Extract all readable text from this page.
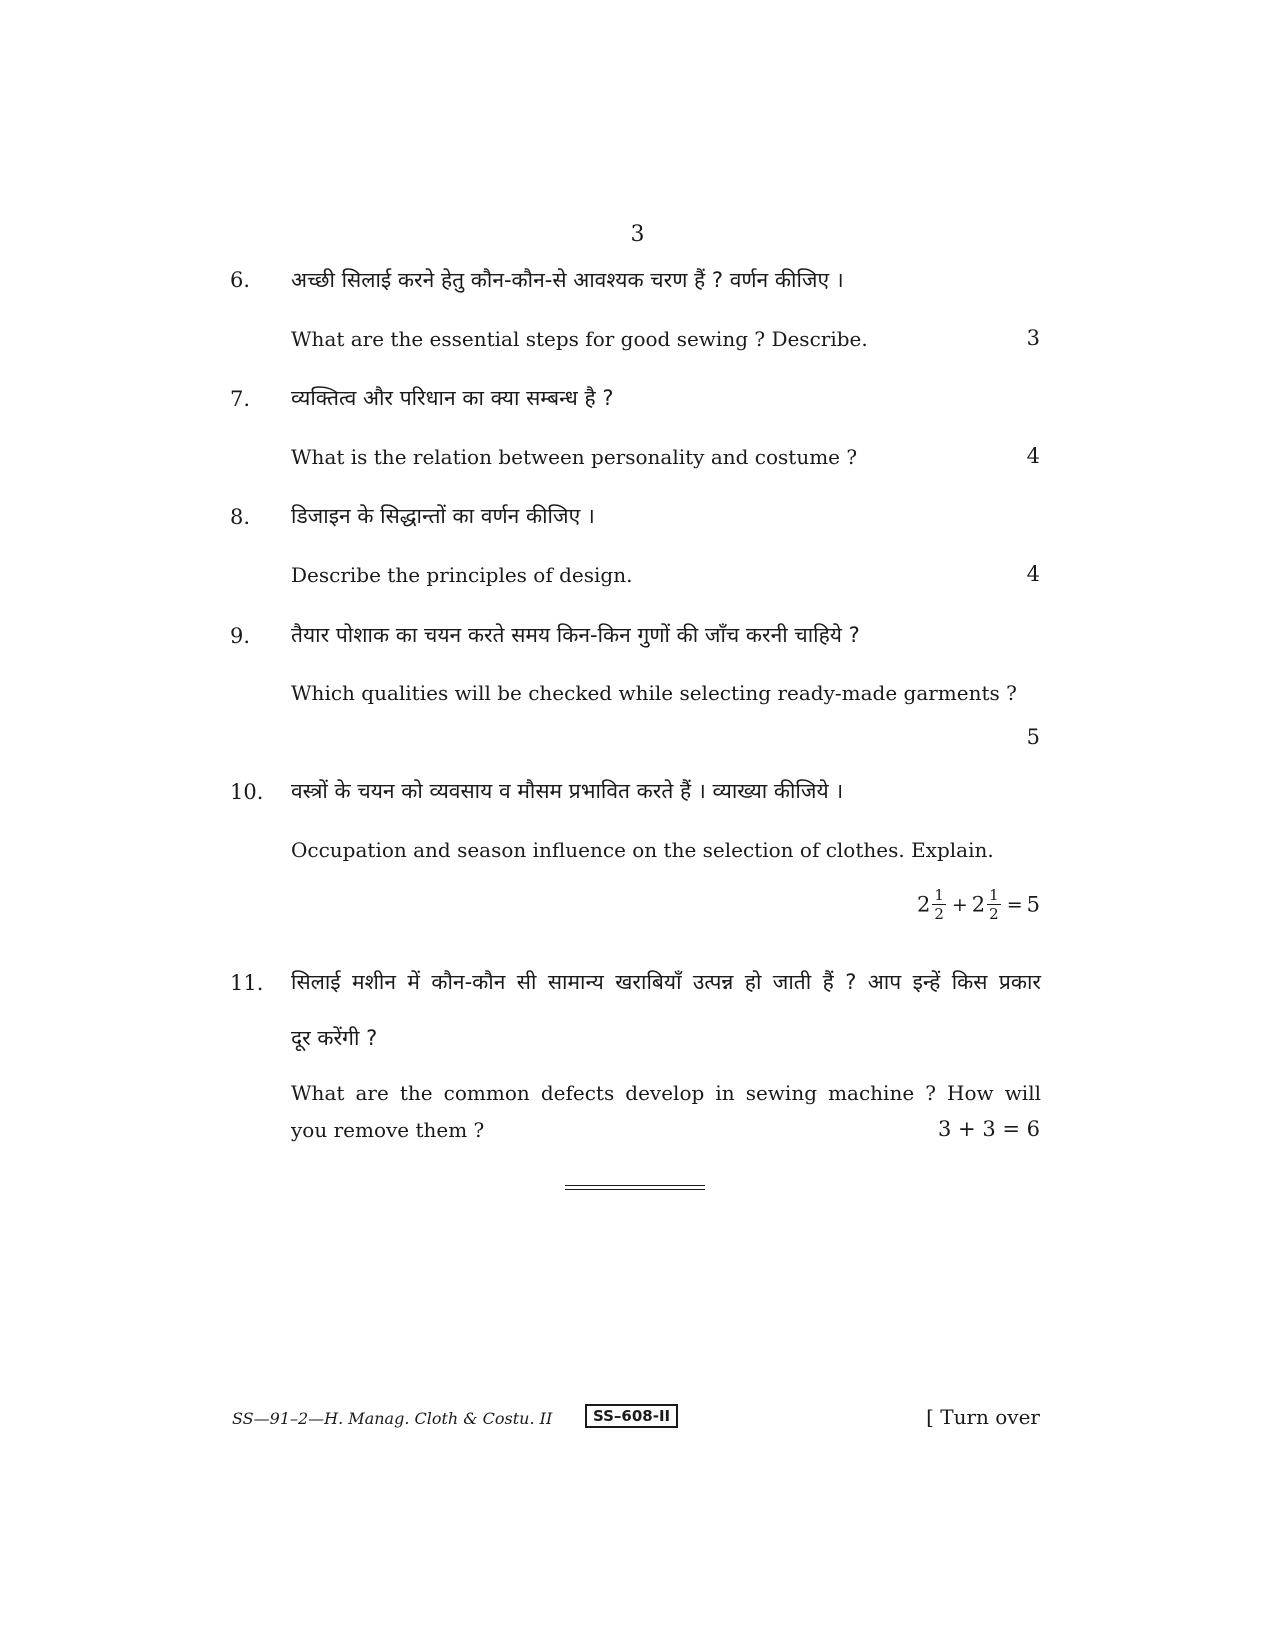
3
6. अच्छी सिलाई करने हेतु कौन-कौन-से आवश्यक चरण हैं ? वर्णन कीजिए ।
What are the essential steps for good sewing ? Describe.	3
7. व्यक्तित्व और परिधान का क्या सम्बन्ध है ?
What is the relation between personality and costume ?	4
8. डिजाइन के सिद्धान्तों का वर्णन कीजिए ।
Describe the principles of design.	4
9. तैयार पोशाक का चयन करते समय किन-किन गुणों की जाँच करनी चाहिये ?
Which qualities will be checked while selecting ready-made garments ?
5
10. वस्त्रों के चयन को व्यवसाय व मौसम प्रभावित करते हैं । व्याख्या कीजिये ।
Occupation and season influence on the selection of clothes. Explain.
$2 \frac{1}{2} + 2 \frac{1}{2} = 5$
11. सिलाई मशीन में कौन-कौन सी सामान्य खराबियाँ उत्पन्न हो जाती हैं ? आप इन्हें किस प्रकार
दूर करेंगी ?
What are the common defects develop in sewing machine ? How will
you remove them ?	3 + 3 = 6
SS—91–2—H. Manag. Cloth & Costu. II	SS–608-II	[ Turn over
